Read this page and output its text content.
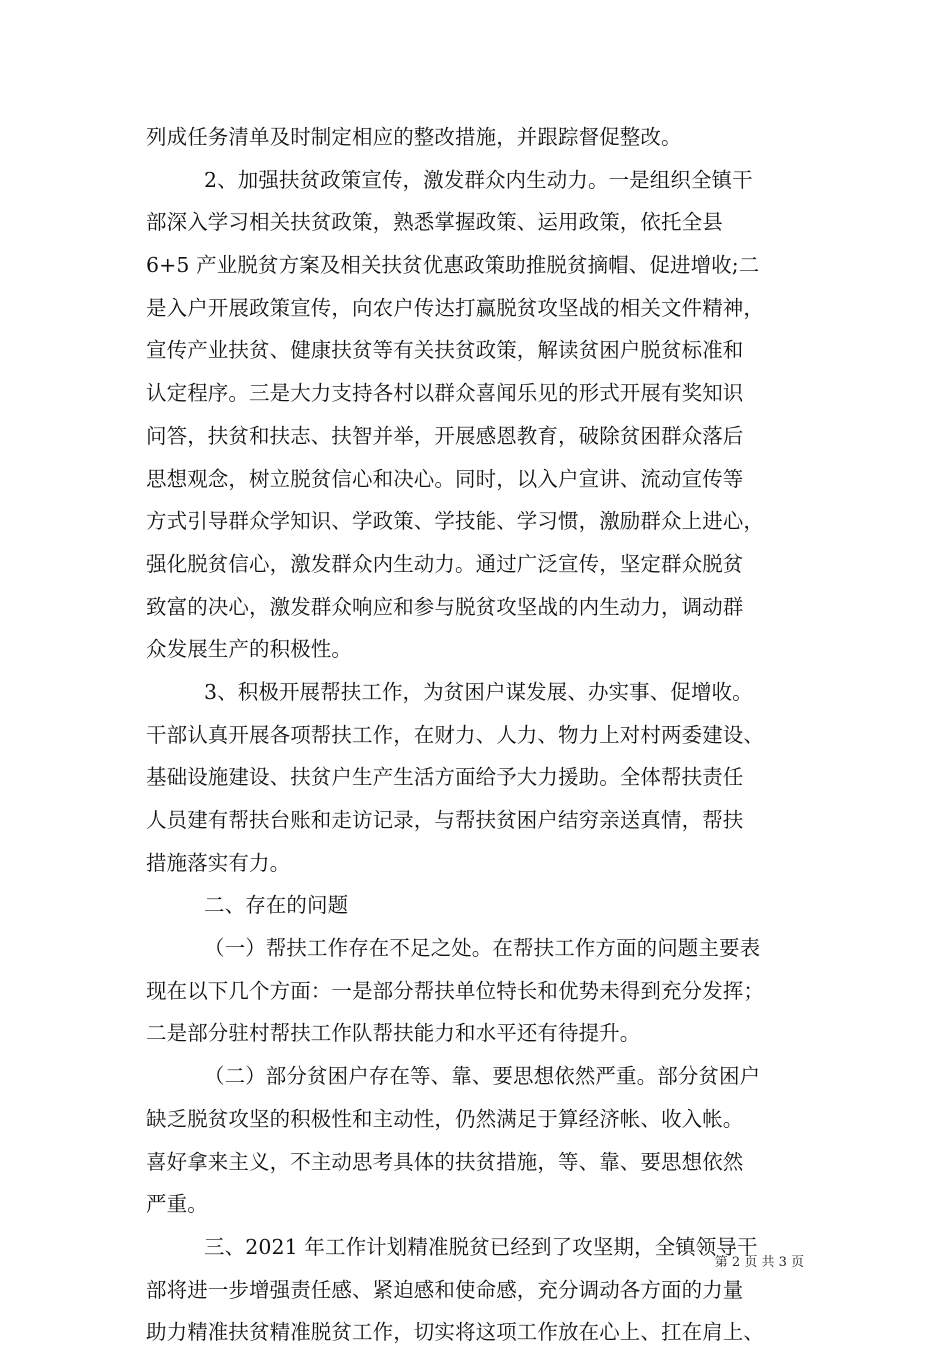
列成任务清单及时制定相应的整改措施，并跟踪督促整改。
2、加强扶贫政策宣传，激发群众内生动力。一是组织全镇干
部深入学习相关扶贫政策，熟悉掌握政策、运用政策，依托全县
6+5 产业脱贫方案及相关扶贫优惠政策助推脱贫摘帽、促进增收;二
是入户开展政策宣传，向农户传达打赢脱贫攻坚战的相关文件精神，
宣传产业扶贫、健康扶贫等有关扶贫政策，解读贫困户脱贫标准和
认定程序。三是大力支持各村以群众喜闻乐见的形式开展有奖知识
问答，扶贫和扶志、扶智并举，开展感恩教育，破除贫困群众落后
思想观念，树立脱贫信心和决心。同时，以入户宣讲、流动宣传等
方式引导群众学知识、学政策、学技能、学习惯，激励群众上进心，
强化脱贫信心，激发群众内生动力。通过广泛宣传，坚定群众脱贫
致富的决心，激发群众响应和参与脱贫攻坚战的内生动力，调动群
众发展生产的积极性。
3、积极开展帮扶工作，为贫困户谋发展、办实事、促增收。
干部认真开展各项帮扶工作，在财力、人力、物力上对村两委建设、
基础设施建设、扶贫户生产生活方面给予大力援助。全体帮扶责任
人员建有帮扶台账和走访记录，与帮扶贫困户结穷亲送真情，帮扶
措施落实有力。
二、存在的问题
（一）帮扶工作存在不足之处。在帮扶工作方面的问题主要表
现在以下几个方面：一是部分帮扶单位特长和优势未得到充分发挥；
二是部分驻村帮扶工作队帮扶能力和水平还有待提升。
（二）部分贫困户存在等、靠、要思想依然严重。部分贫困户
缺乏脱贫攻坚的积极性和主动性，仍然满足于算经济帐、收入帐。
喜好拿来主义，不主动思考具体的扶贫措施，等、靠、要思想依然
严重。
三、2021 年工作计划精准脱贫已经到了攻坚期，全镇领导干
部将进一步增强责任感、紧迫感和使命感，充分调动各方面的力量
助力精准扶贫精准脱贫工作，切实将这项工作放在心上、扛在肩上、
第 2 页 共 3 页
